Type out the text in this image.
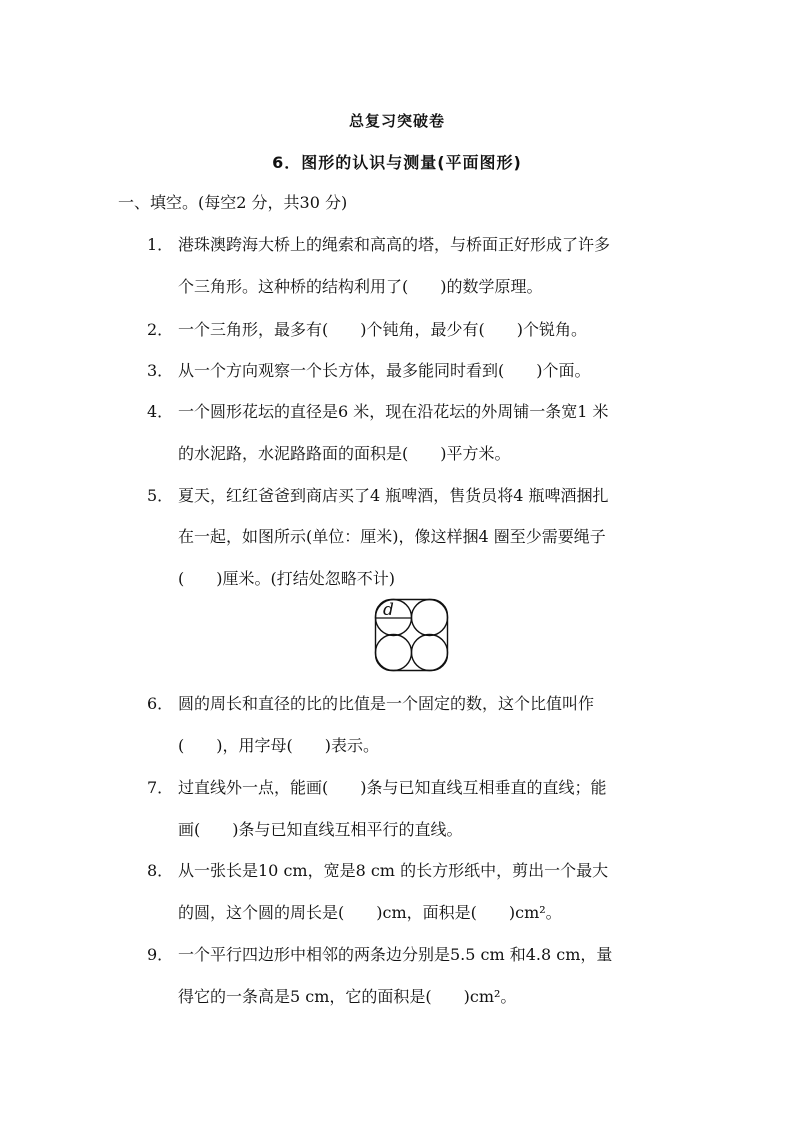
总复习突破卷
6．图形的认识与测量(平面图形)
一、填空。(每空2 分，共30 分)
1． 港珠澳跨海大桥上的绳索和高高的塔，与桥面正好形成了许多
个三角形。这种桥的结构利用了(　　)的数学原理。
2． 一个三角形，最多有(　　)个钝角，最少有(　　)个锐角。
3． 从一个方向观察一个长方体，最多能同时看到(　　)个面。
4． 一个圆形花坛的直径是6 米，现在沿花坛的外周铺一条宽1 米
的水泥路，水泥路路面的面积是(　　)平方米。
5． 夏天，红红爸爸到商店买了4 瓶啤酒，售货员将4 瓶啤酒捆扎
在一起，如图所示(单位：厘米)，像这样捆4 圈至少需要绳子
(　　)厘米。(打结处忽略不计)
d
6． 圆的周长和直径的比的比值是一个固定的数，这个比值叫作
(　　)，用字母(　　)表示。
7． 过直线外一点，能画(　　)条与已知直线互相垂直的直线；能
画(　　)条与已知直线互相平行的直线。
8． 从一张长是10 cm，宽是8 cm 的长方形纸中，剪出一个最大
的圆，这个圆的周长是(　　)cm，面积是(　　)cm²。
9． 一个平行四边形中相邻的两条边分别是5.5 cm 和4.8 cm，量
得它的一条高是5 cm，它的面积是(　　)cm²。
